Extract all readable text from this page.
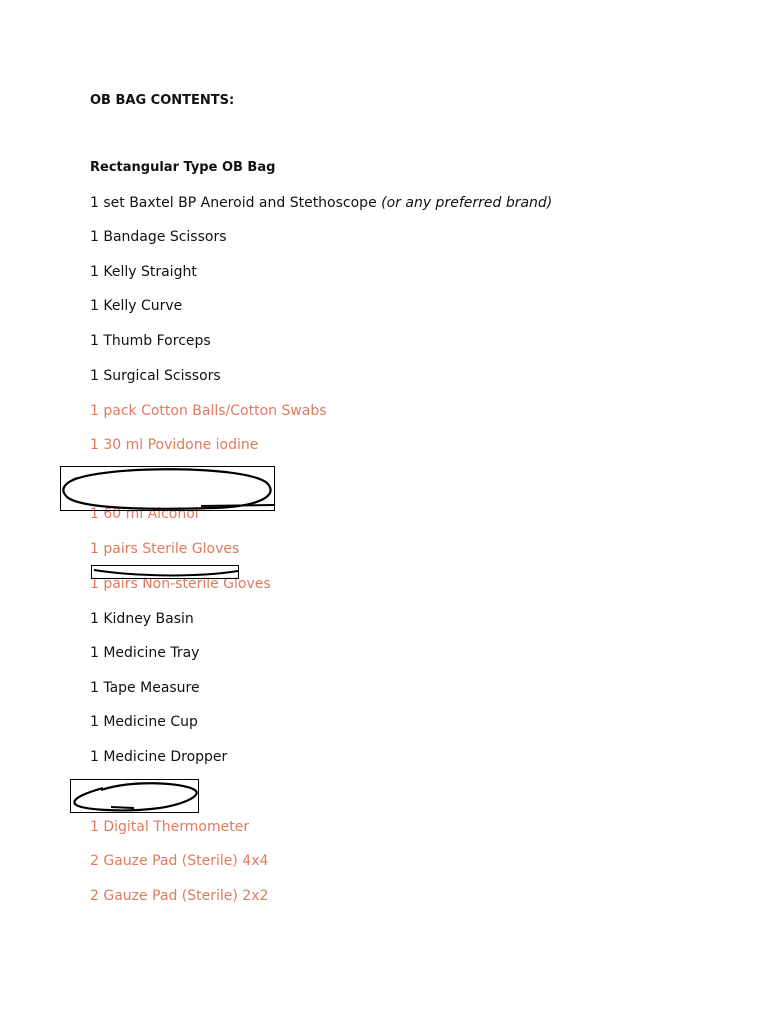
OB BAG CONTENTS:
Rectangular Type OB Bag
1 set Baxtel BP Aneroid and Stethoscope (or any preferred brand)
1 Bandage Scissors
1 Kelly Straight
1 Kelly Curve
1 Thumb Forceps
1 Surgical Scissors
1 pack Cotton Balls/Cotton Swabs
1 30 ml Povidone iodine
1 60 ml Alcohol
1 pairs Sterile Gloves
1 pairs Non-sterile Gloves
1 Kidney Basin
1 Medicine Tray
1 Tape Measure
1 Medicine Cup
1 Medicine Dropper
1 Digital Thermometer
2 Gauze Pad (Sterile) 4x4
2 Gauze Pad (Sterile) 2x2
